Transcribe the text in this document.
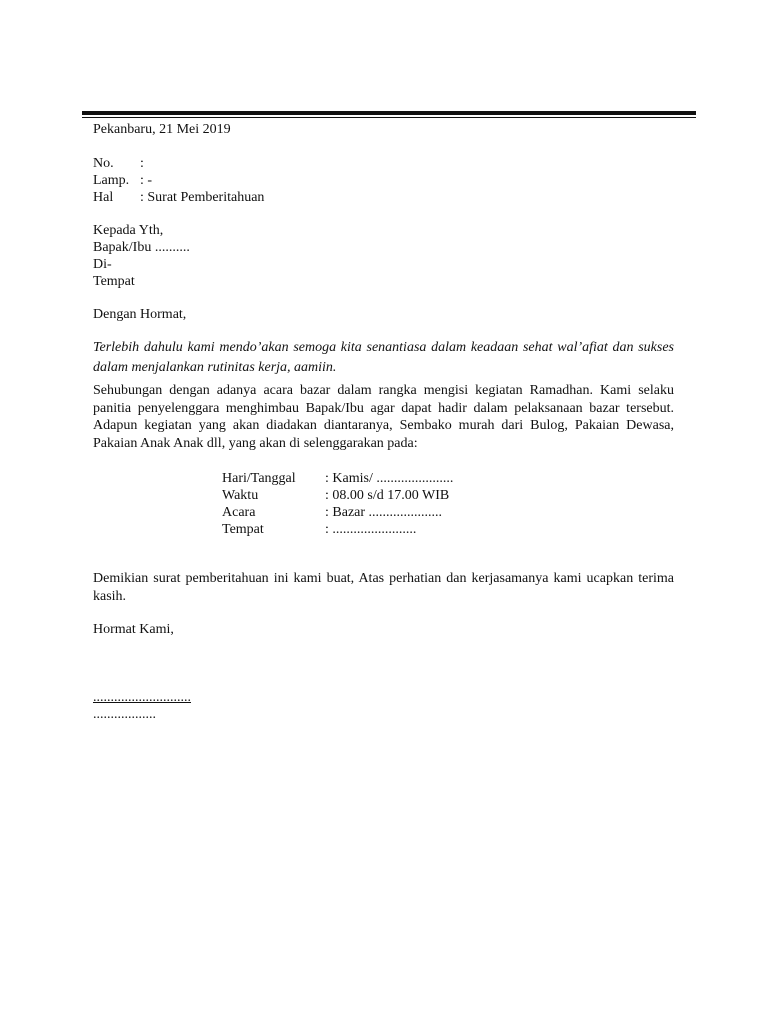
Pekanbaru, 21 Mei 2019
No. :
Lamp. : -
Hal : Surat Pemberitahuan
Kepada Yth,
Bapak/Ibu ..........
Di-
Tempat
Dengan Hormat,
Terlebih dahulu kami mendo’akan semoga kita senantiasa dalam keadaan sehat wal’afiat dan sukses dalam menjalankan rutinitas kerja, aamiin.
Sehubungan dengan adanya acara bazar dalam rangka mengisi kegiatan Ramadhan. Kami selaku panitia penyelenggara menghimbau Bapak/Ibu agar dapat hadir dalam pelaksanaan bazar tersebut. Adapun kegiatan yang akan diadakan diantaranya, Sembako murah dari Bulog, Pakaian Dewasa, Pakaian Anak Anak dll, yang akan di selenggarakan pada:
Hari/Tanggal : Kamis/ ......................
Waktu	: 08.00 s/d 17.00 WIB
Acara	: Bazar .....................
Tempat	: ........................
Demikian surat pemberitahuan ini kami buat, Atas perhatian dan kerjasamanya kami ucapkan terima kasih.
Hormat Kami,
............................
..................
